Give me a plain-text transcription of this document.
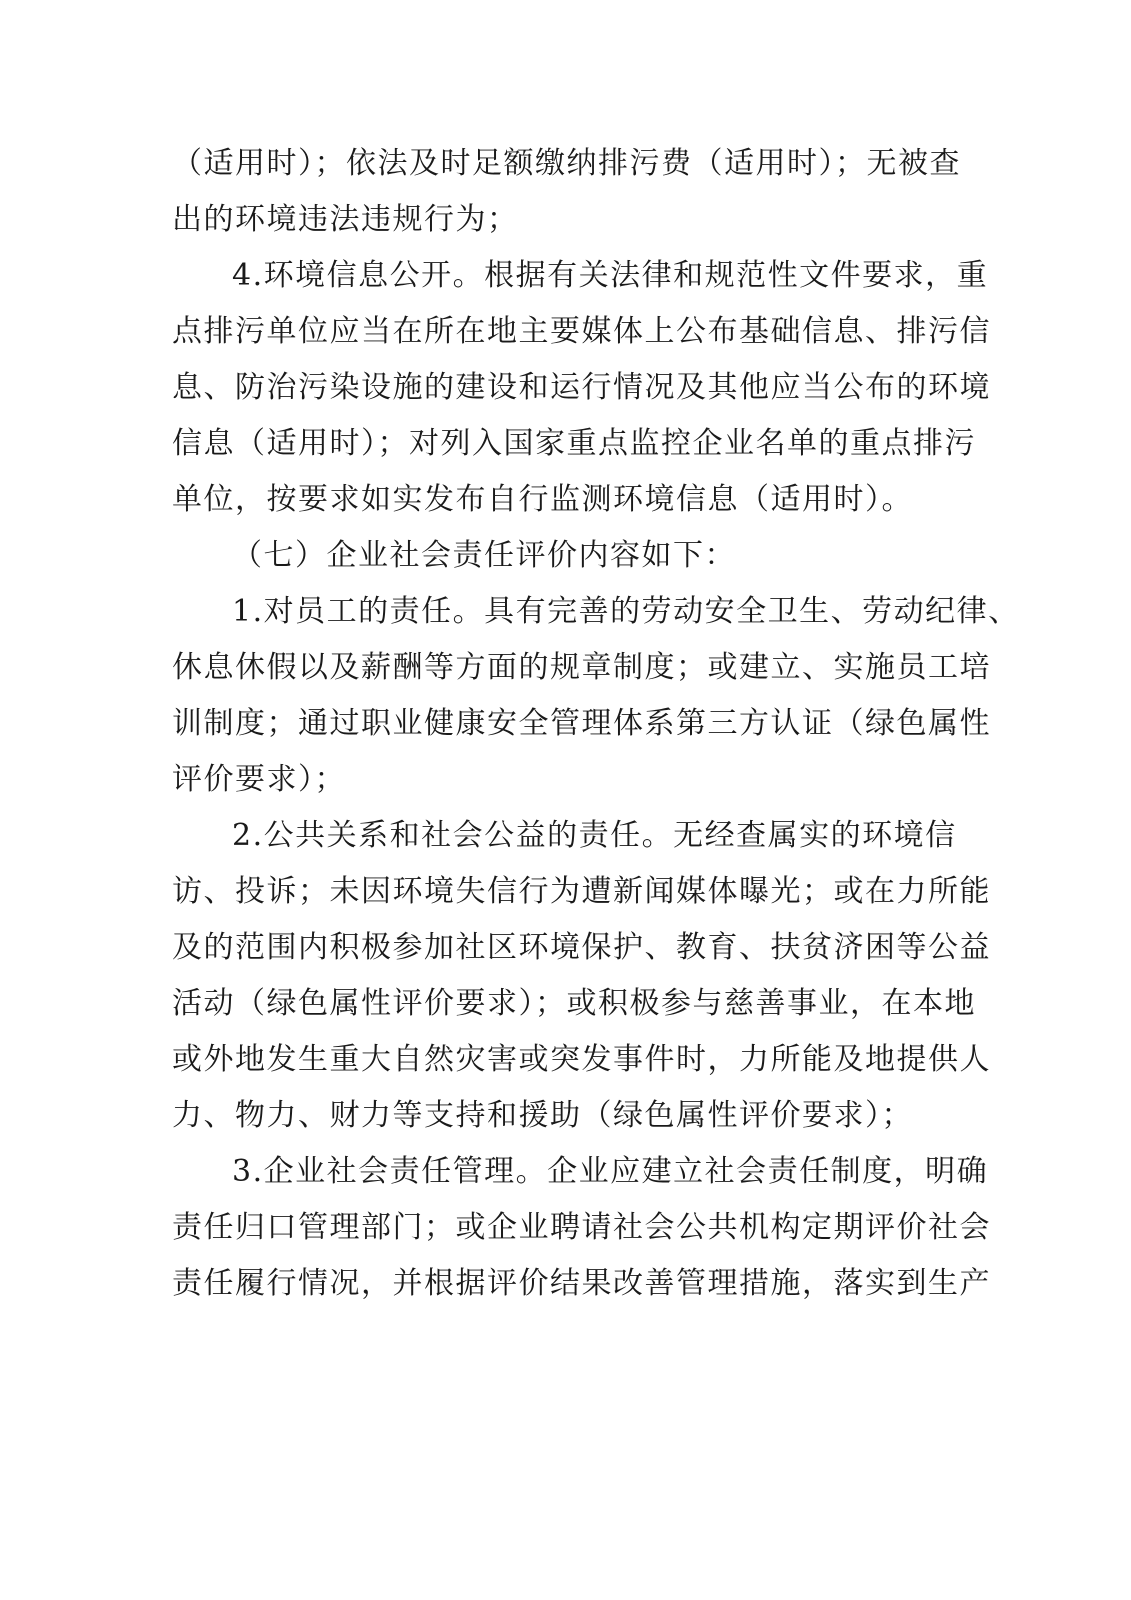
（适用时）；依法及时足额缴纳排污费（适用时）；无被查
出的环境违法违规行为；
4.环境信息公开。根据有关法律和规范性文件要求，重
点排污单位应当在所在地主要媒体上公布基础信息、排污信
息、防治污染设施的建设和运行情况及其他应当公布的环境
信息（适用时）；对列入国家重点监控企业名单的重点排污
单位，按要求如实发布自行监测环境信息（适用时）。
（七）企业社会责任评价内容如下：
1.对员工的责任。具有完善的劳动安全卫生、劳动纪律、
休息休假以及薪酬等方面的规章制度；或建立、实施员工培
训制度；通过职业健康安全管理体系第三方认证（绿色属性
评价要求）；
2.公共关系和社会公益的责任。无经查属实的环境信
访、投诉；未因环境失信行为遭新闻媒体曝光；或在力所能
及的范围内积极参加社区环境保护、教育、扶贫济困等公益
活动（绿色属性评价要求）；或积极参与慈善事业，在本地
或外地发生重大自然灾害或突发事件时，力所能及地提供人
力、物力、财力等支持和援助（绿色属性评价要求）；
3.企业社会责任管理。企业应建立社会责任制度，明确
责任归口管理部门；或企业聘请社会公共机构定期评价社会
责任履行情况，并根据评价结果改善管理措施，落实到生产
